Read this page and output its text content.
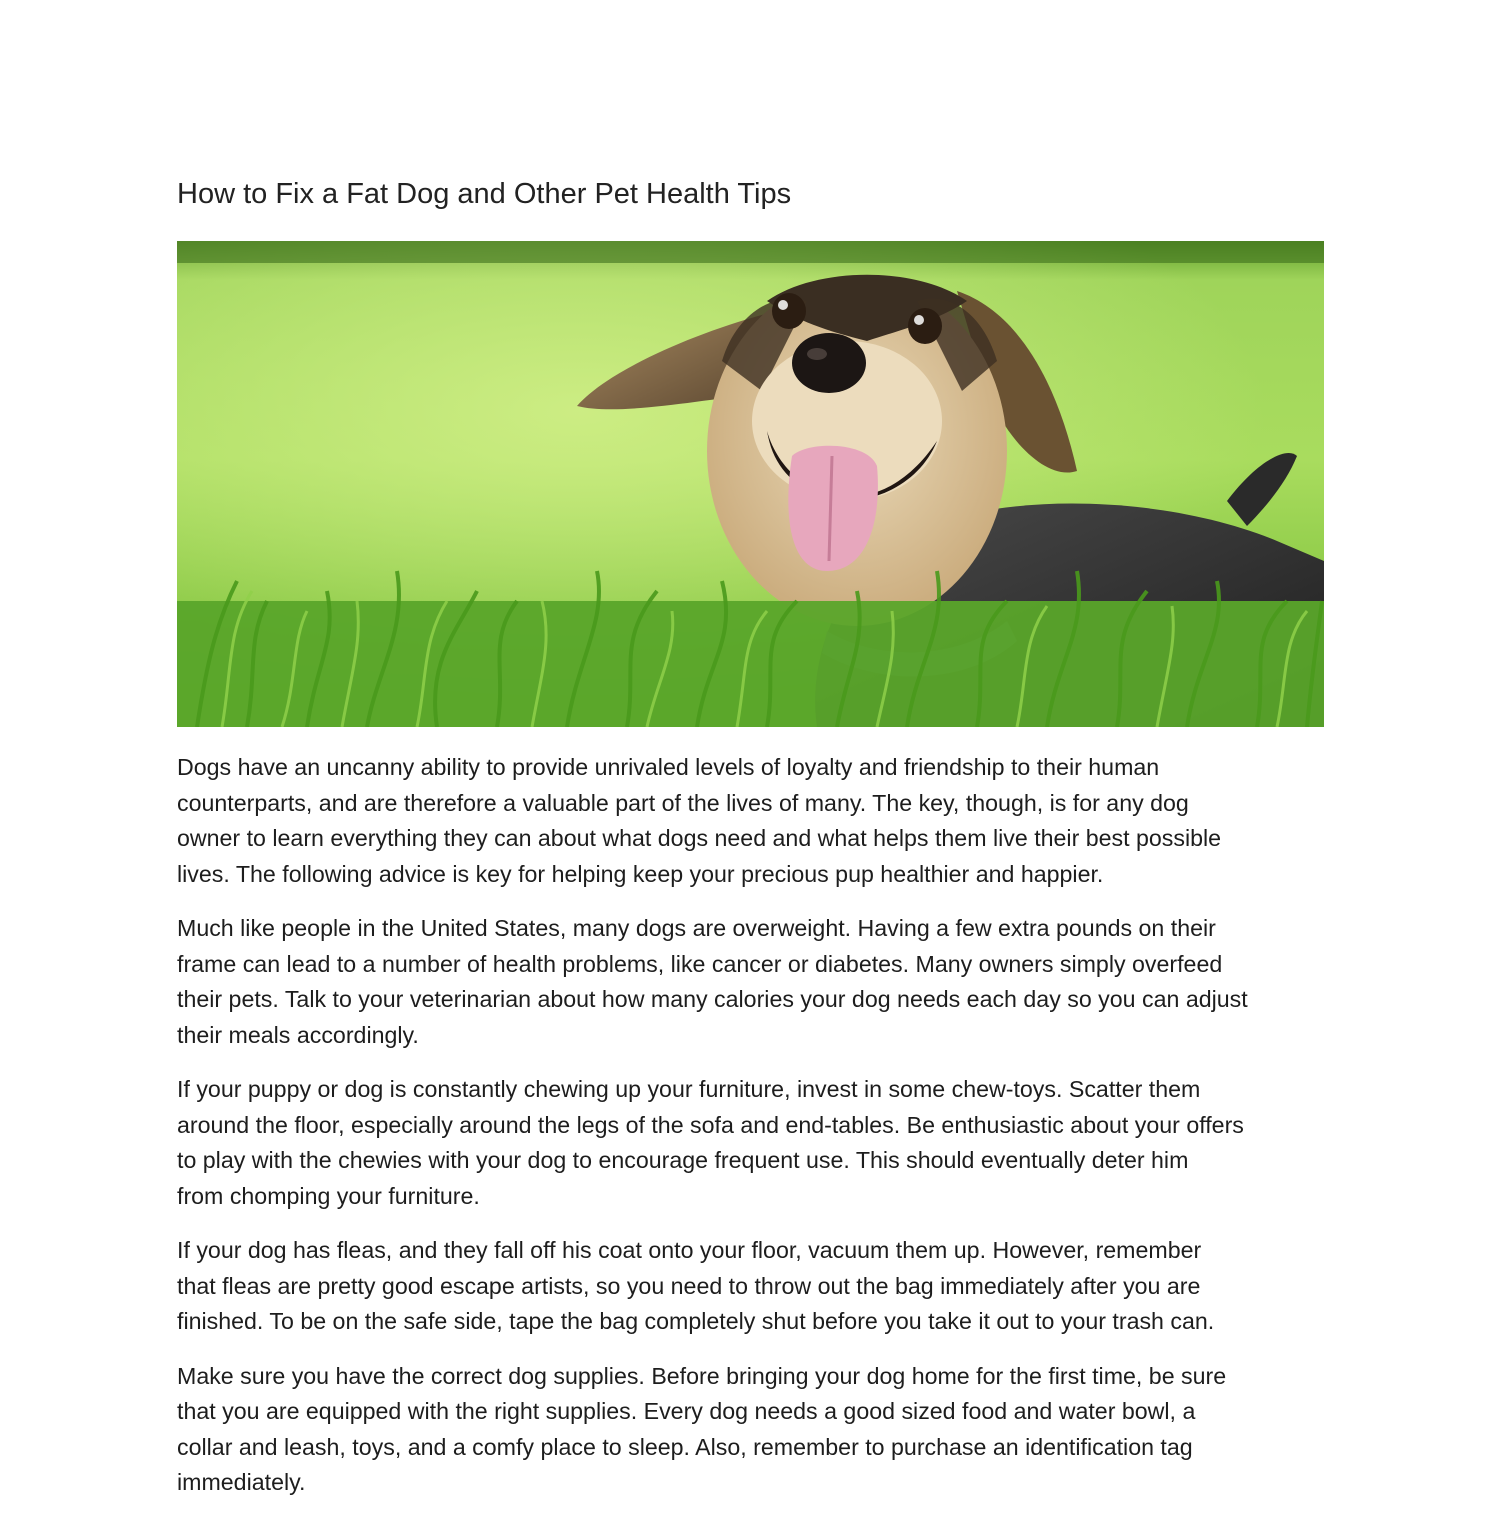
How to Fix a Fat Dog and Other Pet Health Tips

Dogs have an uncanny ability to provide unrivaled levels of loyalty and friendship to their human
counterparts, and are therefore a valuable part of the lives of many. The key, though, is for any dog
owner to learn everything they can about what dogs need and what helps them live their best possible
lives. The following advice is key for helping keep your precious pup healthier and happier.

Much like people in the United States, many dogs are overweight. Having a few extra pounds on their
frame can lead to a number of health problems, like cancer or diabetes. Many owners simply overfeed
their pets. Talk to your veterinarian about how many calories your dog needs each day so you can adjust
their meals accordingly.

If your puppy or dog is constantly chewing up your furniture, invest in some chew-toys. Scatter them
around the floor, especially around the legs of the sofa and end-tables. Be enthusiastic about your offers
to play with the chewies with your dog to encourage frequent use. This should eventually deter him
from chomping your furniture.

If your dog has fleas, and they fall off his coat onto your floor, vacuum them up. However, remember
that fleas are pretty good escape artists, so you need to throw out the bag immediately after you are
finished. To be on the safe side, tape the bag completely shut before you take it out to your trash can.

Make sure you have the correct dog supplies. Before bringing your dog home for the first time, be sure
that you are equipped with the right supplies. Every dog needs a good sized food and water bowl, a
collar and leash, toys, and a comfy place to sleep. Also, remember to purchase an identification tag
immediately.
